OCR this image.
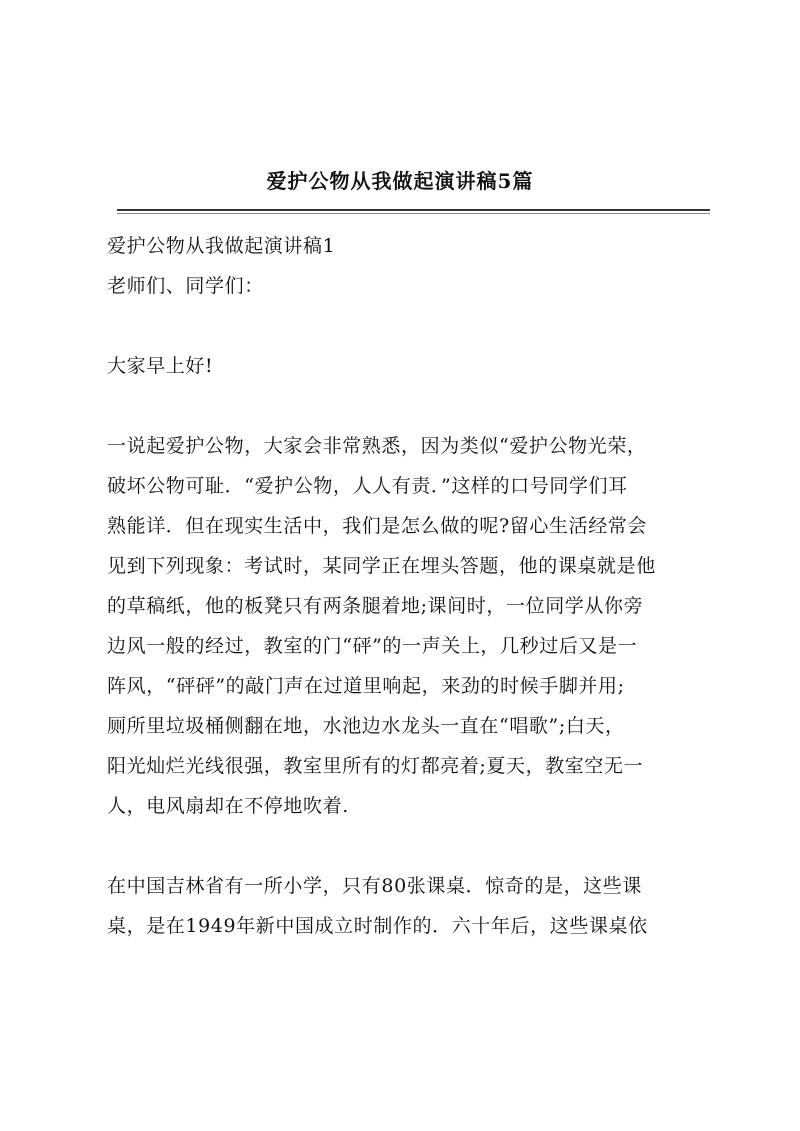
爱护公物从我做起演讲稿5篇
爱护公物从我做起演讲稿1
老师们、同学们：
大家早上好!
一说起爱护公物，大家会非常熟悉，因为类似“爱护公物光荣，
破坏公物可耻．“爱护公物，人人有责．”这样的口号同学们耳
熟能详．但在现实生活中，我们是怎么做的呢?留心生活经常会
见到下列现象：考试时，某同学正在埋头答题，他的课桌就是他
的草稿纸，他的板凳只有两条腿着地;课间时，一位同学从你旁
边风一般的经过，教室的门“砰”的一声关上，几秒过后又是一
阵风，“砰砰”的敲门声在过道里响起，来劲的时候手脚并用;
厕所里垃圾桶侧翻在地，水池边水龙头一直在“唱歌”;白天，
阳光灿烂光线很强，教室里所有的灯都亮着;夏天，教室空无一
人，电风扇却在不停地吹着.
在中国吉林省有一所小学，只有80张课桌．惊奇的是，这些课
桌，是在1949年新中国成立时制作的．六十年后，这些课桌依
